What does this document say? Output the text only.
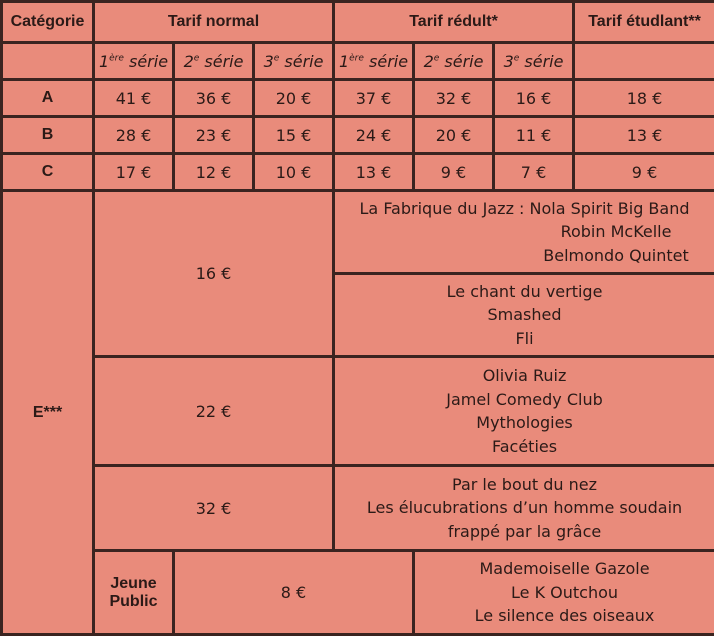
Catégorie	Tarif normal			Tarif rédult*			Tarif étudlant**
	1ère série	2e série	3e série	1ère série	2e série	3e série	
A	41 €	36 €	20 €	37 €	32 €	16 €	18 €
B	28 €	23 €	15 €	24 €	20 €	11 €	13 €
C	17 €	12 €	10 €	13 €	9 €	7 €	9 €
E***	16 €			La Fabrique du Jazz : Nola Spirit Big Band
Robin McKelle
Belmondo Quintet			

				Le chant du vertige
Smashed
Fli			

	22 €			Olivia Ruiz
Jamel Comedy Club
Mythologies
Facéties			

	32 €			Par le bout du nez
Les élucubrations d’un homme soudain
frappé par la grâce			

	Jeune
Public	8 €			Mademoiselle Gazole
Le K Outchou
Le silence des oiseaux		
